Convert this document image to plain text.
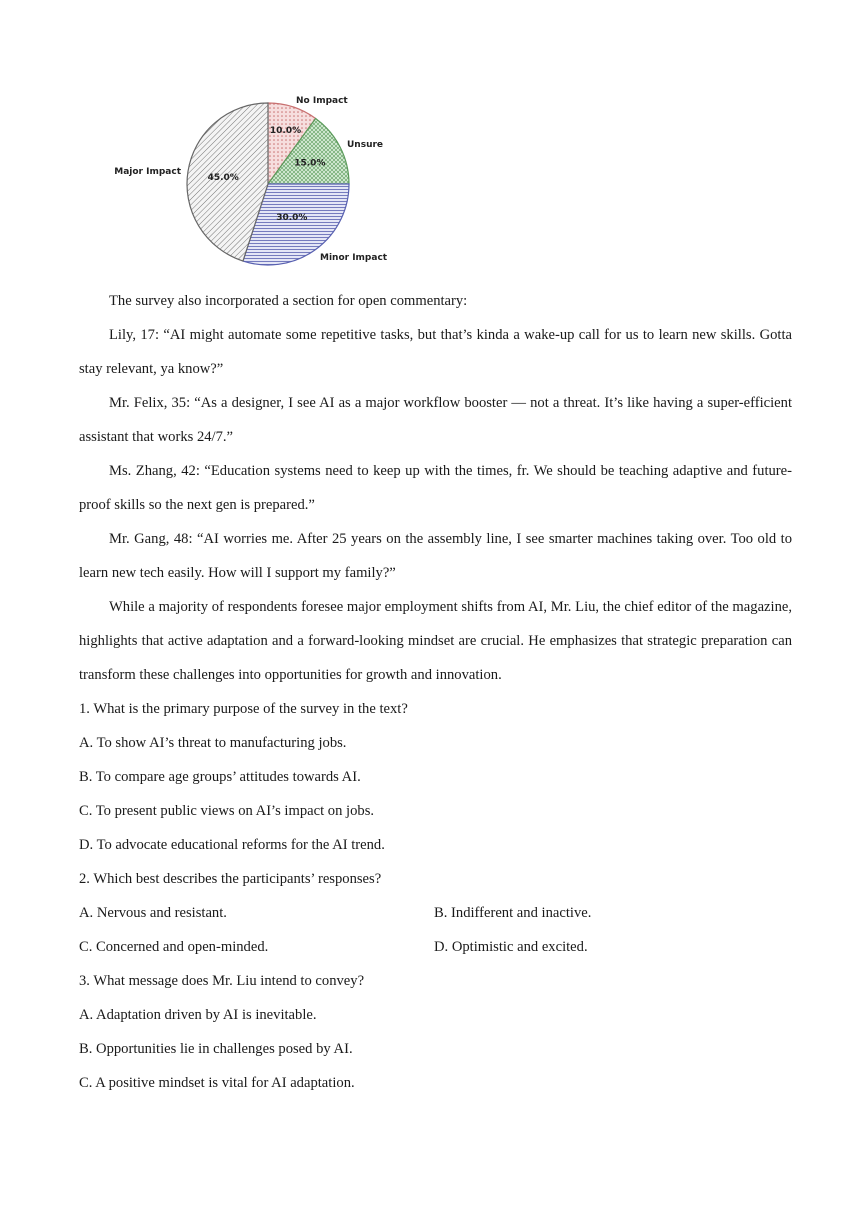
10.0%
No Impact
15.0%
Unsure
30.0%
Minor Impact
45.0%
Major Impact

The survey also incorporated a section for open commentary:

Lily, 17: “AI might automate some repetitive tasks, but that’s kinda a wake-up call for us to learn new skills. Gotta stay relevant, ya know?”

Mr. Felix, 35: “As a designer, I see AI as a major workflow booster — not a threat. It’s like having a super-efficient assistant that works 24/7.”

Ms. Zhang, 42: “Education systems need to keep up with the times, fr. We should be teaching adaptive and future-proof skills so the next gen is prepared.”

Mr. Gang, 48: “AI worries me. After 25 years on the assembly line, I see smarter machines taking over. Too old to learn new tech easily. How will I support my family?”

While a majority of respondents foresee major employment shifts from AI, Mr. Liu, the chief editor of the magazine, highlights that active adaptation and a forward-looking mindset are crucial. He emphasizes that strategic preparation can transform these challenges into opportunities for growth and innovation.

1. What is the primary purpose of the survey in the text?

A. To show AI’s threat to manufacturing jobs.

B. To compare age groups’ attitudes towards AI.

C. To present public views on AI’s impact on jobs.

D. To advocate educational reforms for the AI trend.

2. Which best describes the participants’ responses?

A. Nervous and resistant.	B. Indifferent and inactive.
C. Concerned and open-minded.	D. Optimistic and excited.

3. What message does Mr. Liu intend to convey?

A. Adaptation driven by AI is inevitable.

B. Opportunities lie in challenges posed by AI.

C. A positive mindset is vital for AI adaptation.
